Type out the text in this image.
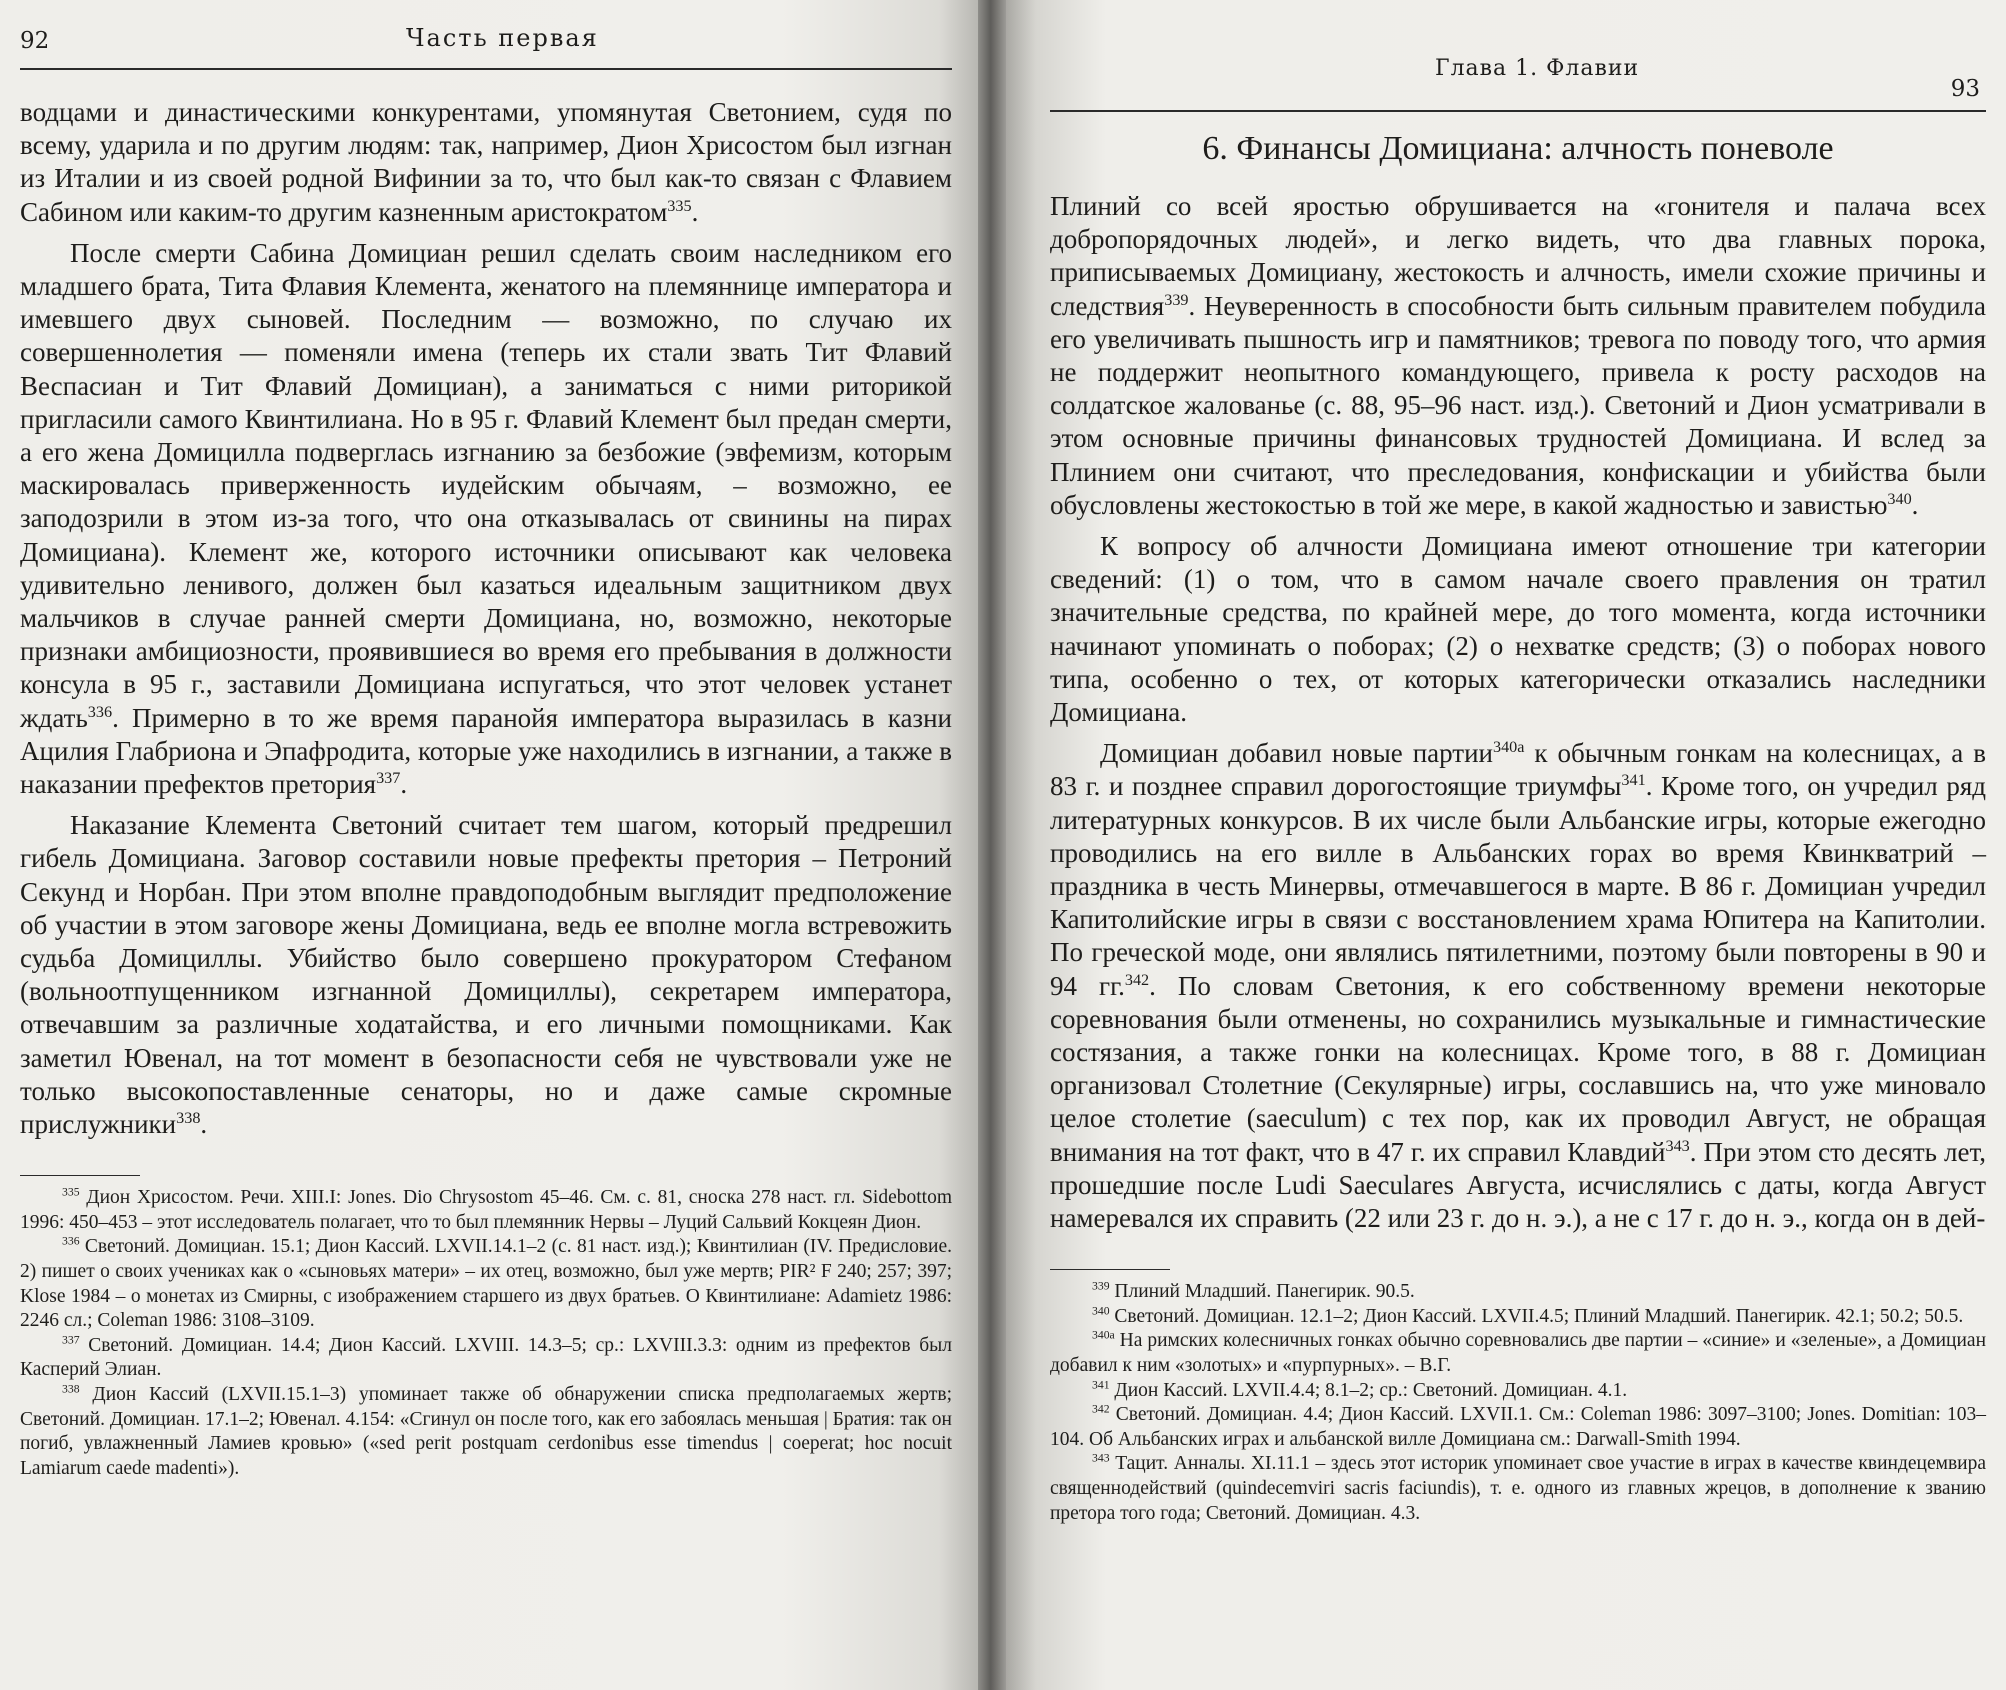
92	Часть первая

водцами и династическими конкурентами, упомянутая Светонием, судя по всему, ударила и по другим людям: так, например, Дион Хрисостом был изгнан из Италии и из своей родной Вифинии за то, что был как-то связан с Флавием Сабином или каким-то другим казненным аристократом$^{335}$.

После смерти Сабина Домициан решил сделать своим наследником его младшего брата, Тита Флавия Клемента, женатого на племяннице императора и имевшего двух сыновей. Последним — возможно, по случаю их совершеннолетия — поменяли имена (теперь их стали звать Тит Флавий Веспасиан и Тит Флавий Домициан), а заниматься с ними риторикой пригласили самого Квинтилиана. Но в 95 г. Флавий Клемент был предан смерти, а его жена Домицилла подверглась изгнанию за безбожие (эвфемизм, которым маскировалась приверженность иудейским обычаям, – возможно, ее заподозрили в этом из-за того, что она отказывалась от свинины на пирах Домициана). Клемент же, которого источники описывают как человека удивительно ленивого, должен был казаться идеальным защитником двух мальчиков в случае ранней смерти Домициана, но, возможно, некоторые признаки амбициозности, проявившиеся во время его пребывания в должности консула в 95 г., заставили Домициана испугаться, что этот человек устанет ждать$^{336}$. Примерно в то же время паранойя императора выразилась в казни Ацилия Глабриона и Эпафродита, которые уже находились в изгнании, а также в наказании префектов претория$^{337}$.

Наказание Клемента Светоний считает тем шагом, который предрешил гибель Домициана. Заговор составили новые префекты претория – Петроний Секунд и Норбан. При этом вполне правдоподобным выглядит предположение об участии в этом заговоре жены Домициана, ведь ее вполне могла встревожить судьба Домициллы. Убийство было совершено прокуратором Стефаном (вольноотпущенником изгнанной Домициллы), секретарем императора, отвечавшим за различные ходатайства, и его личными помощниками. Как заметил Ювенал, на тот момент в безопасности себя не чувствовали уже не только высокопоставленные сенаторы, но и даже самые скромные прислужники$^{338}$.

$^{335}$ Дион Хрисостом. Речи. XIII.I: Jones. Dio Chrysostom 45–46. См. с. 81, сноска 278 наст. гл. Sidebottom 1996: 450–453 – этот исследователь полагает, что то был племянник Нервы – Луций Сальвий Кокцеян Дион.

$^{336}$ Светоний. Домициан. 15.1; Дион Кассий. LXVII.14.1–2 (с. 81 наст. изд.); Квинтилиан (IV. Предисловие. 2) пишет о своих учениках как о «сыновьях матери» – их отец, возможно, был уже мертв; PIR² F 240; 257; 397; Klose 1984 – о монетах из Смирны, с изображением старшего из двух братьев. О Квинтилиане: Adamietz 1986: 2246 сл.; Coleman 1986: 3108–3109.

$^{337}$ Светоний. Домициан. 14.4; Дион Кассий. LXVIII. 14.3–5; ср.: LXVIII.3.3: одним из префектов был Касперий Элиан.

$^{338}$ Дион Кассий (LXVII.15.1–3) упоминает также об обнаружении списка предполагаемых жертв; Светоний. Домициан. 17.1–2; Ювенал. 4.154: «Сгинул он после того, как его забоялась меньшая | Братия: так он погиб, увлажненный Ламиев кровью» («sed perit postquam cerdonibus esse timendus | coeperat; hoc nocuit Lamiarum caede madenti»).

Глава 1. Флавии
93
6. Финансы Домициана: алчность поневоле

Плиний со всей яростью обрушивается на «гонителя и палача всех добропорядочных людей», и легко видеть, что два главных порока, приписываемых Домициану, жестокость и алчность, имели схожие причины и следствия$^{339}$. Неуверенность в способности быть сильным правителем побудила его увеличивать пышность игр и памятников; тревога по поводу того, что армия не поддержит неопытного командующего, привела к росту расходов на солдатское жалованье (с. 88, 95–96 наст. изд.). Светоний и Дион усматривали в этом основные причины финансовых трудностей Домициана. И вслед за Плинием они считают, что преследования, конфискации и убийства были обусловлены жестокостью в той же мере, в какой жадностью и завистью$^{340}$.

К вопросу об алчности Домициана имеют отношение три категории сведений: (1) о том, что в самом начале своего правления он тратил значительные средства, по крайней мере, до того момента, когда источники начинают упоминать о поборах; (2) о нехватке средств; (3) о поборах нового типа, особенно о тех, от которых категорически отказались наследники Домициана.

Домициан добавил новые партии$^{340a}$ к обычным гонкам на колесницах, а в 83 г. и позднее справил дорогостоящие триумфы$^{341}$. Кроме того, он учредил ряд литературных конкурсов. В их числе были Альбанские игры, которые ежегодно проводились на его вилле в Альбанских горах во время Квинкватрий – праздника в честь Минервы, отмечавшегося в марте. В 86 г. Домициан учредил Капитолийские игры в связи с восстановлением храма Юпитера на Капитолии. По греческой моде, они являлись пятилетними, поэтому были повторены в 90 и 94 гг.$^{342}$. По словам Светония, к его собственному времени некоторые соревнования были отменены, но сохранились музыкальные и гимнастические состязания, а также гонки на колесницах. Кроме того, в 88 г. Домициан организовал Столетние (Секулярные) игры, сославшись на, что уже миновало целое столетие (saeculum) с тех пор, как их проводил Август, не обращая внимания на тот факт, что в 47 г. их справил Клавдий$^{343}$. При этом сто десять лет, прошедшие после Ludi Saeculares Августа, исчислялись с даты, когда Август намеревался их справить (22 или 23 г. до н. э.), а не с 17 г. до н. э., когда он в дей-

$^{339}$ Плиний Младший. Панегирик. 90.5.

$^{340}$ Светоний. Домициан. 12.1–2; Дион Кассий. LXVII.4.5; Плиний Младший. Панегирик. 42.1; 50.2; 50.5.

$^{340a}$ На римских колесничных гонках обычно соревновались две партии – «синие» и «зеленые», а Домициан добавил к ним «золотых» и «пурпурных». – В.Г.

$^{341}$ Дион Кассий. LXVII.4.4; 8.1–2; ср.: Светоний. Домициан. 4.1.

$^{342}$ Светоний. Домициан. 4.4; Дион Кассий. LXVII.1. См.: Coleman 1986: 3097–3100; Jones. Domitian: 103–104. Об Альбанских играх и альбанской вилле Домициана см.: Darwall-Smith 1994.

$^{343}$ Тацит. Анналы. XI.11.1 – здесь этот историк упоминает свое участие в играх в качестве квиндецемвира священнодействий (quindecemviri sacris faciundis), т. е. одного из главных жрецов, в дополнение к званию претора того года; Светоний. Домициан. 4.3.
